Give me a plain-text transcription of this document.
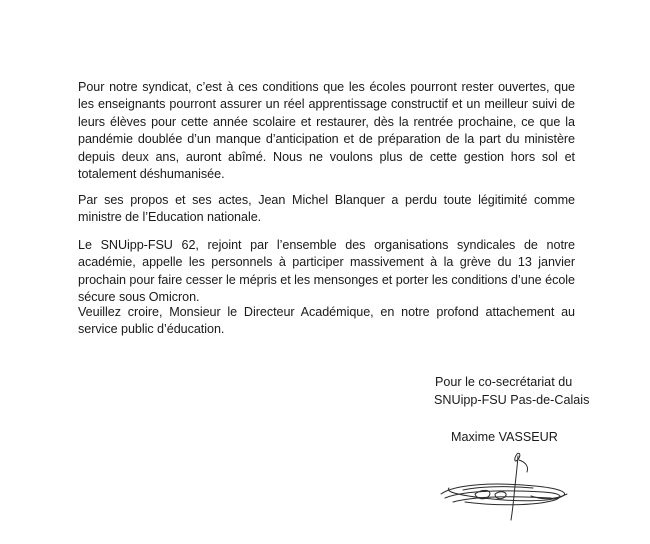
Pour notre syndicat, c’est à ces conditions que les écoles pourront rester ouvertes, que les enseignants pourront assurer un réel apprentissage constructif et un meilleur suivi de leurs élèves pour cette année scolaire et restaurer, dès la rentrée prochaine, ce que la pandémie doublée d’un manque d’anticipation et de préparation de la part du ministère depuis deux ans, auront abîmé. Nous ne voulons plus de cette gestion hors sol et totalement déshumanisée.

Par ses propos et ses actes, Jean Michel Blanquer a perdu toute légitimité comme ministre de l’Education nationale.

Le SNUipp-FSU 62, rejoint par l’ensemble des organisations syndicales de notre académie, appelle les personnels à participer massivement à la grève du 13 janvier prochain pour faire cesser le mépris et les mensonges et porter les conditions d’une école sécure sous Omicron.

Veuillez croire, Monsieur le Directeur Académique, en notre profond attachement au service public d’éducation.

Pour le co-secrétariat du

SNUipp-FSU Pas-de-Calais

Maxime VASSEUR
